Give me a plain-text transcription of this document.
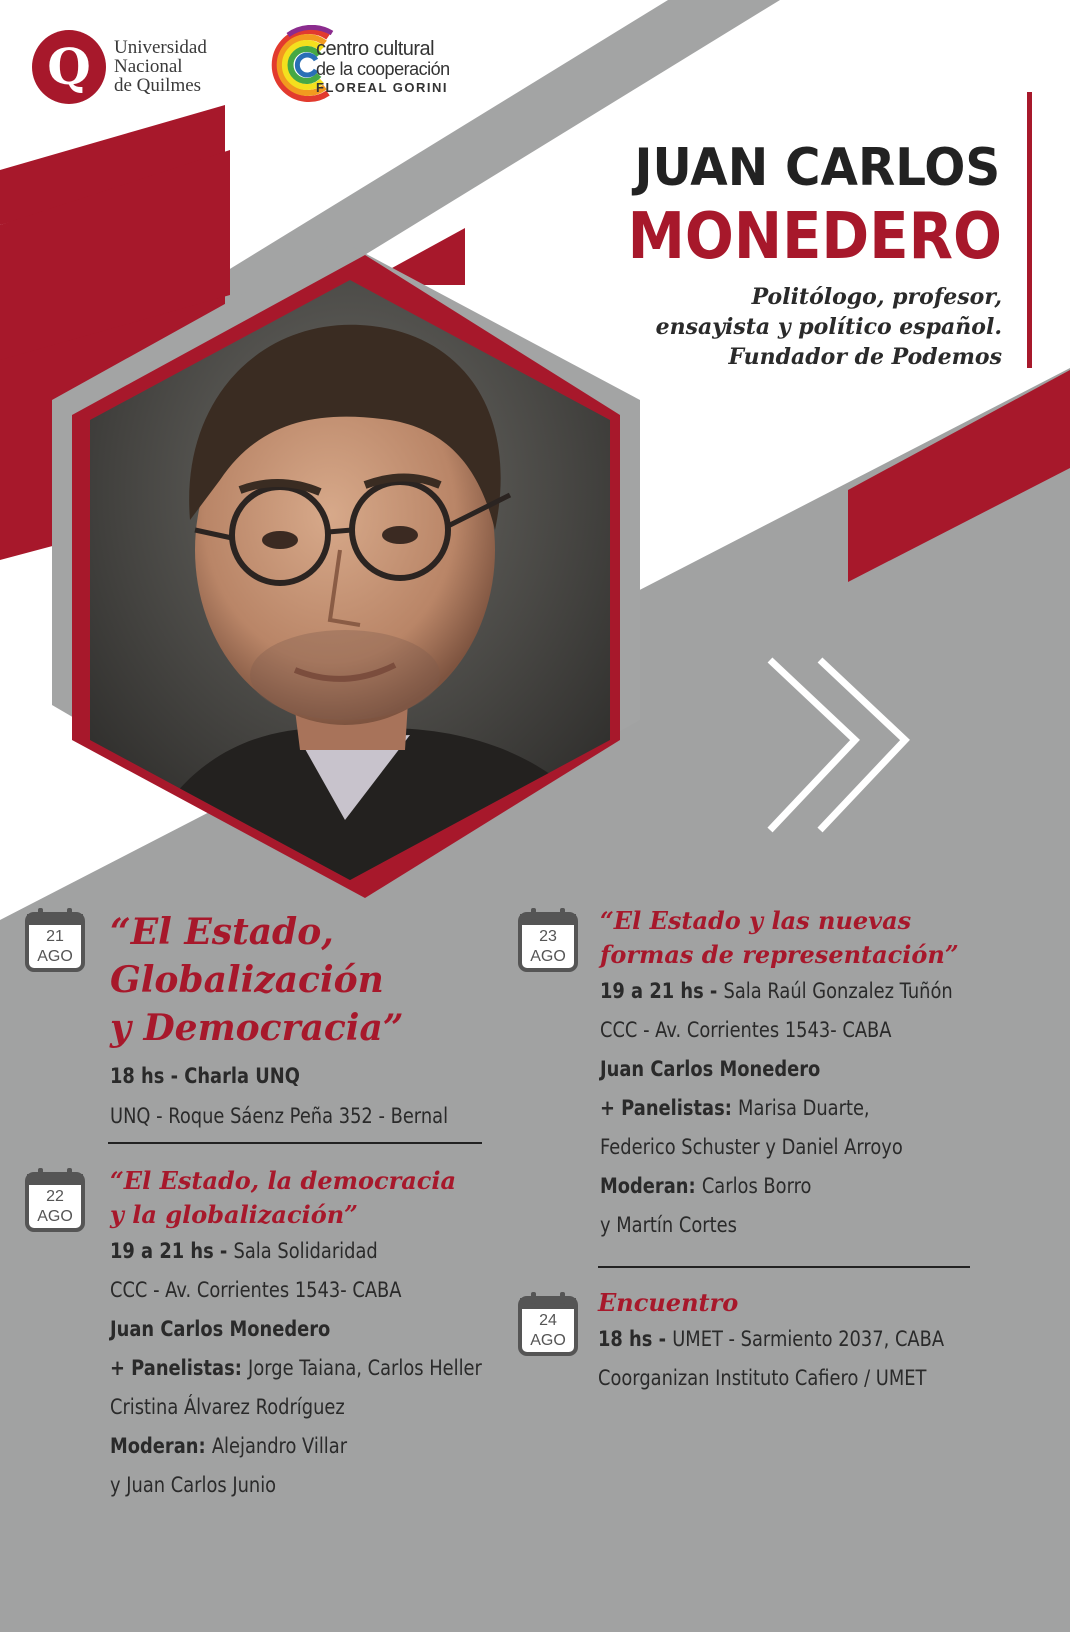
Q	Universidad
Nacional
de Quilmes
centro cultural
de la cooperación
FLOREAL GORINI
JUAN CARLOS
MONEDERO
Politólogo, profesor,
ensayista y político español.
Fundador de Podemos
21
AGO
“El Estado,
Globalización
y Democracia”
18 hs - Charla UNQ
UNQ - Roque Sáenz Peña 352 - Bernal
22
AGO
“El Estado, la democracia
y la globalización”
19 a 21 hs - Sala Solidaridad
CCC - Av. Corrientes 1543- CABA
Juan Carlos Monedero
+ Panelistas: Jorge Taiana, Carlos Heller
Cristina Álvarez Rodríguez
Moderan: Alejandro Villar
y Juan Carlos Junio
23
AGO
“El Estado y las nuevas
formas de representación”
19 a 21 hs - Sala Raúl Gonzalez Tuñón
CCC - Av. Corrientes 1543- CABA
Juan Carlos Monedero
+ Panelistas: Marisa Duarte,
Federico Schuster y Daniel Arroyo
Moderan: Carlos Borro
y Martín Cortes
24
AGO
Encuentro
18 hs - UMET - Sarmiento 2037, CABA
Coorganizan Instituto Cafiero / UMET
